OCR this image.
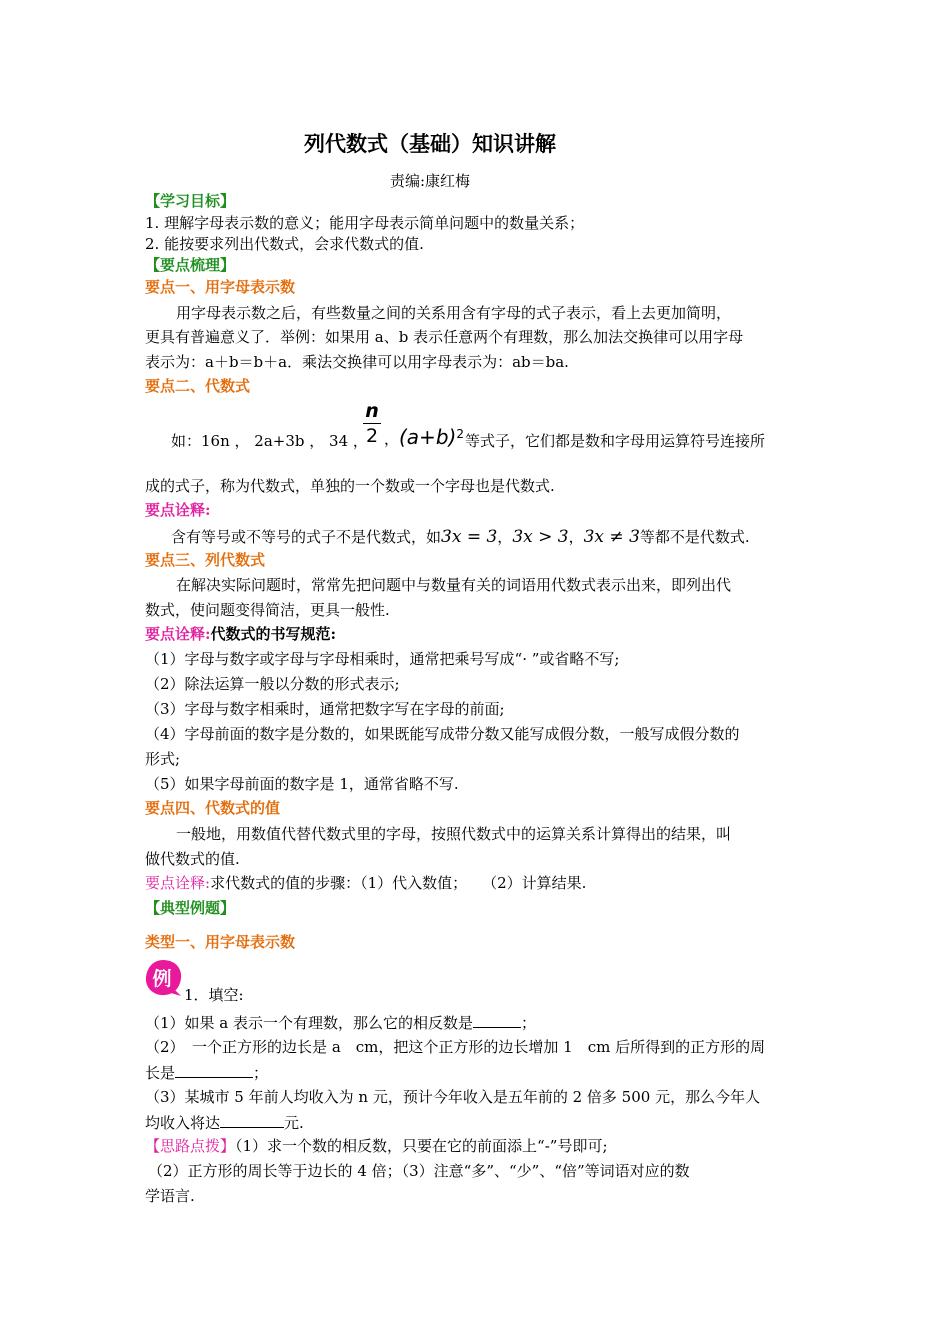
列代数式（基础）知识讲解
责编:康红梅
【学习目标】
1. 理解字母表示数的意义；能用字母表示简单问题中的数量关系；
2. 能按要求列出代数式，会求代数式的值.
【要点梳理】
要点一、用字母表示数
用字母表示数之后，有些数量之间的关系用含有字母的式子表示，看上去更加简明，
更具有普遍意义了．举例：如果用 a、b 表示任意两个有理数，那么加法交换律可以用字母
表示为：a＋b＝b＋a．乘法交换律可以用字母表示为：ab＝ba.
要点二、代数式
如：16n ， 2a+3b ， 34 ，
n
2 ， $(a+b)^2$ 等式子，它们都是数和字母用运算符号连接所
成的式子，称为代数式，单独的一个数或一个字母也是代数式.
要点诠释:
含有等号或不等号的式子不是代数式，如3x = 3，3x > 3，3x ≠ 3等都不是代数式.
要点三、列代数式
在解决实际问题时，常常先把问题中与数量有关的词语用代数式表示出来，即列出代
数式，使问题变得简洁，更具一般性.
要点诠释:代数式的书写规范:
（1）字母与数字或字母与字母相乘时，通常把乘号写成“· ”或省略不写;
（2）除法运算一般以分数的形式表示;
（3）字母与数字相乘时，通常把数字写在字母的前面;
（4）字母前面的数字是分数的，如果既能写成带分数又能写成假分数，一般写成假分数的
形式;
（5）如果字母前面的数字是 1，通常省略不写.
要点四、代数式的值
一般地，用数值代替代数式里的字母，按照代数式中的运算关系计算得出的结果，叫
做代数式的值.
要点诠释:求代数式的值的步骤：（1）代入数值；　　（2）计算结果.
【典型例题】
类型一、用字母表示数
例
1．填空:
（1）如果 a 表示一个有理数，那么它的相反数是	；
（2）　一个正方形的边长是 a　cm，把这个正方形的边长增加 1　cm 后所得到的正方形的周
长是	；
（3）某城市 5 年前人均收入为 n 元，预计今年收入是五年前的 2 倍多 500 元，那么今年人
均收入将达	元.
【思路点拨】（1）求一个数的相反数，只要在它的前面添上“-”号即可;
（2）正方形的周长等于边长的 4 倍；（3）注意“多”、“少”、“倍”等词语对应的数
学语言.
